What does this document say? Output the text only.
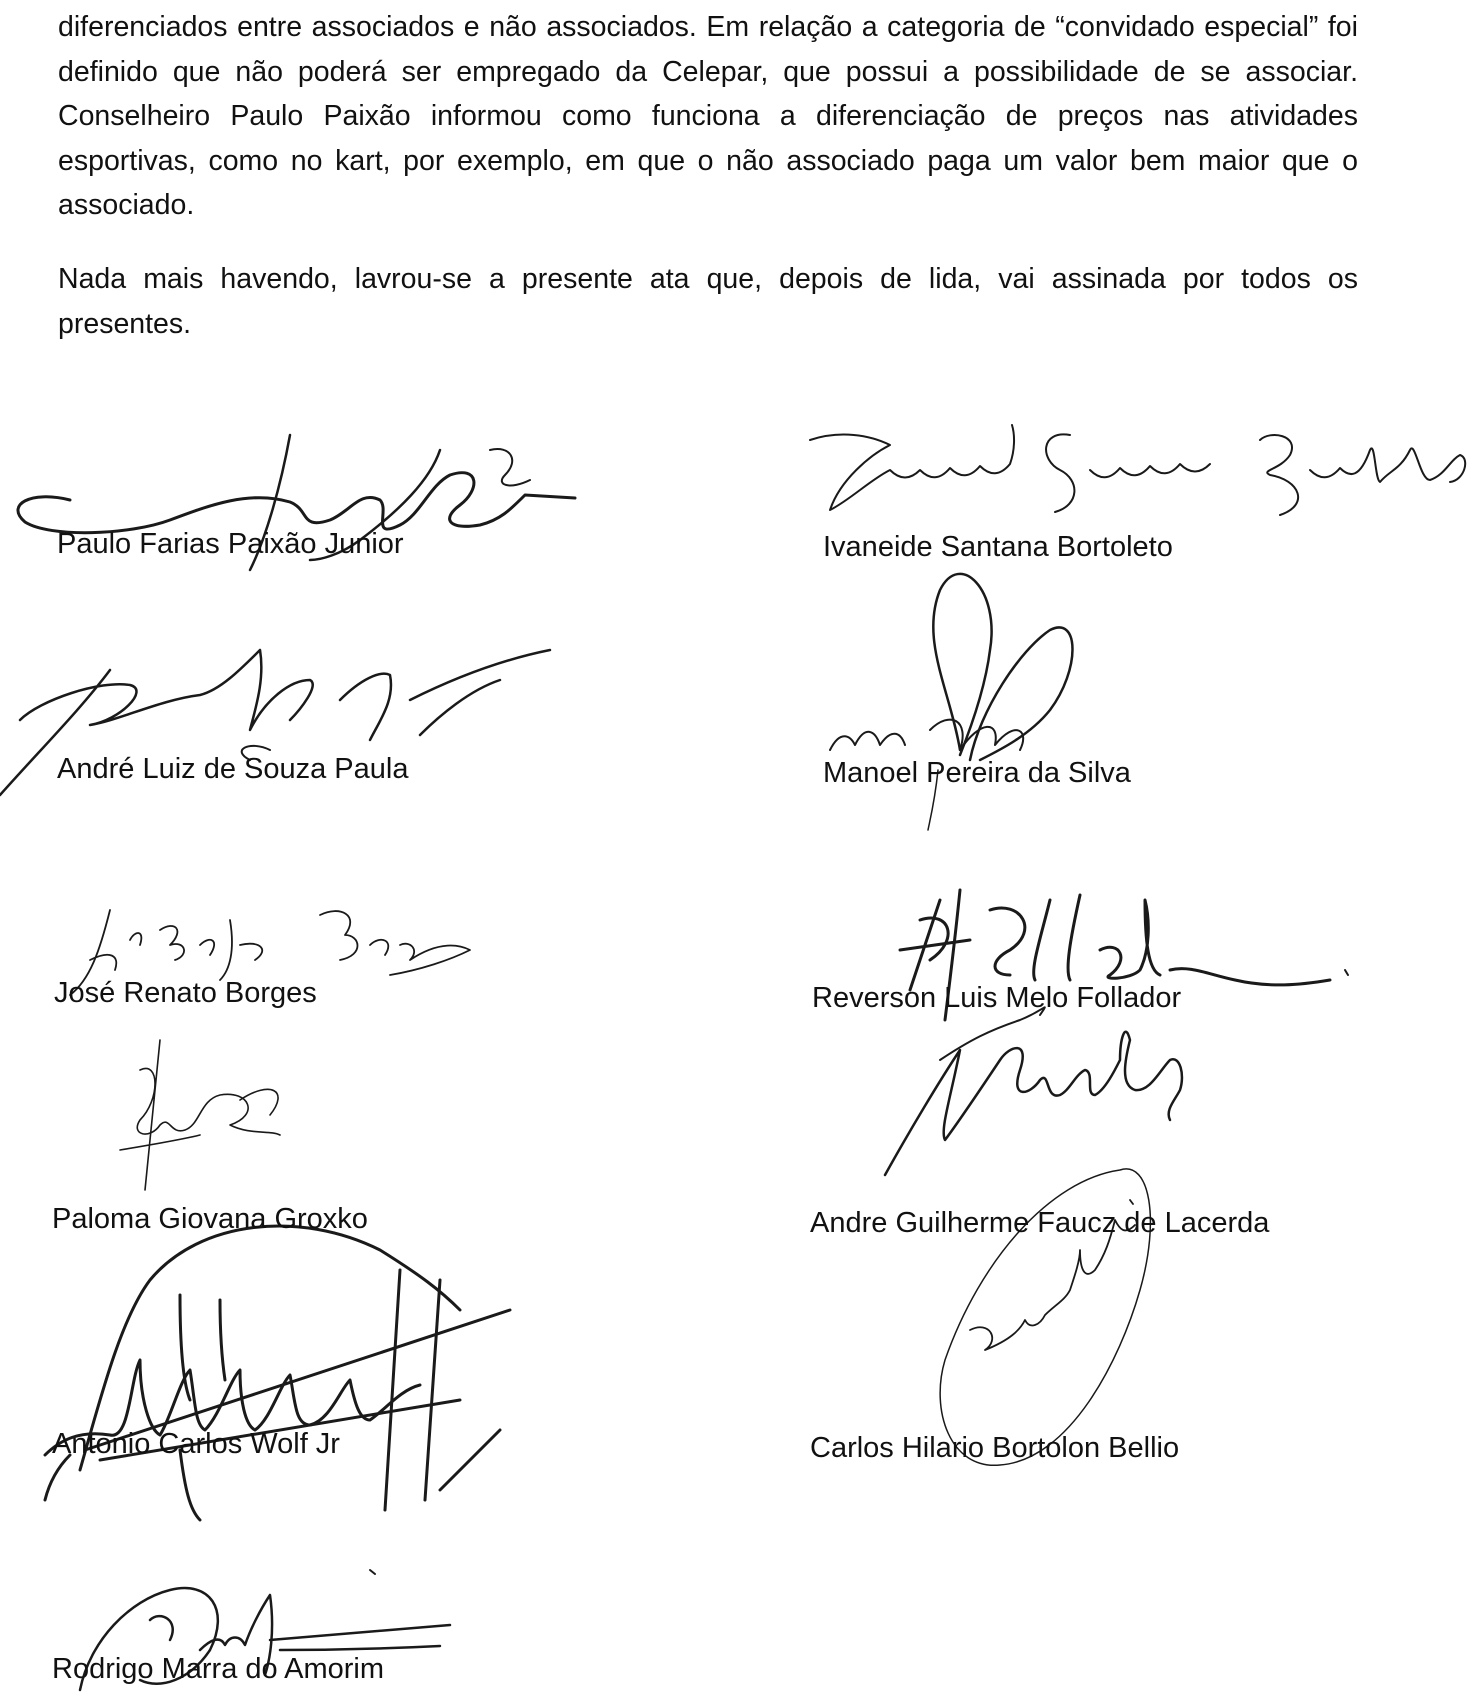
diferenciados entre associados e não associados. Em relação a categoria de “convidado especial” foi definido que não poderá ser empregado da Celepar, que possui a possibilidade de se associar. Conselheiro Paulo Paixão informou como funciona a diferenciação de preços nas atividades esportivas, como no kart, por exemplo, em que o não associado paga um valor bem maior que o associado.

Nada mais havendo, lavrou-se a presente ata que, depois de lida, vai assinada por todos os presentes.

Paulo Farias Paixão Junior
André Luiz de Souza Paula
José Renato Borges
Paloma Giovana Groxko
Antonio Carlos Wolf Jr
Rodrigo Marra do Amorim
Ivaneide Santana Bortoleto
Manoel Pereira da Silva
Reverson Luis Melo Follador
Andre Guilherme Faucz de Lacerda
Carlos Hilario Bortolon Bellio
